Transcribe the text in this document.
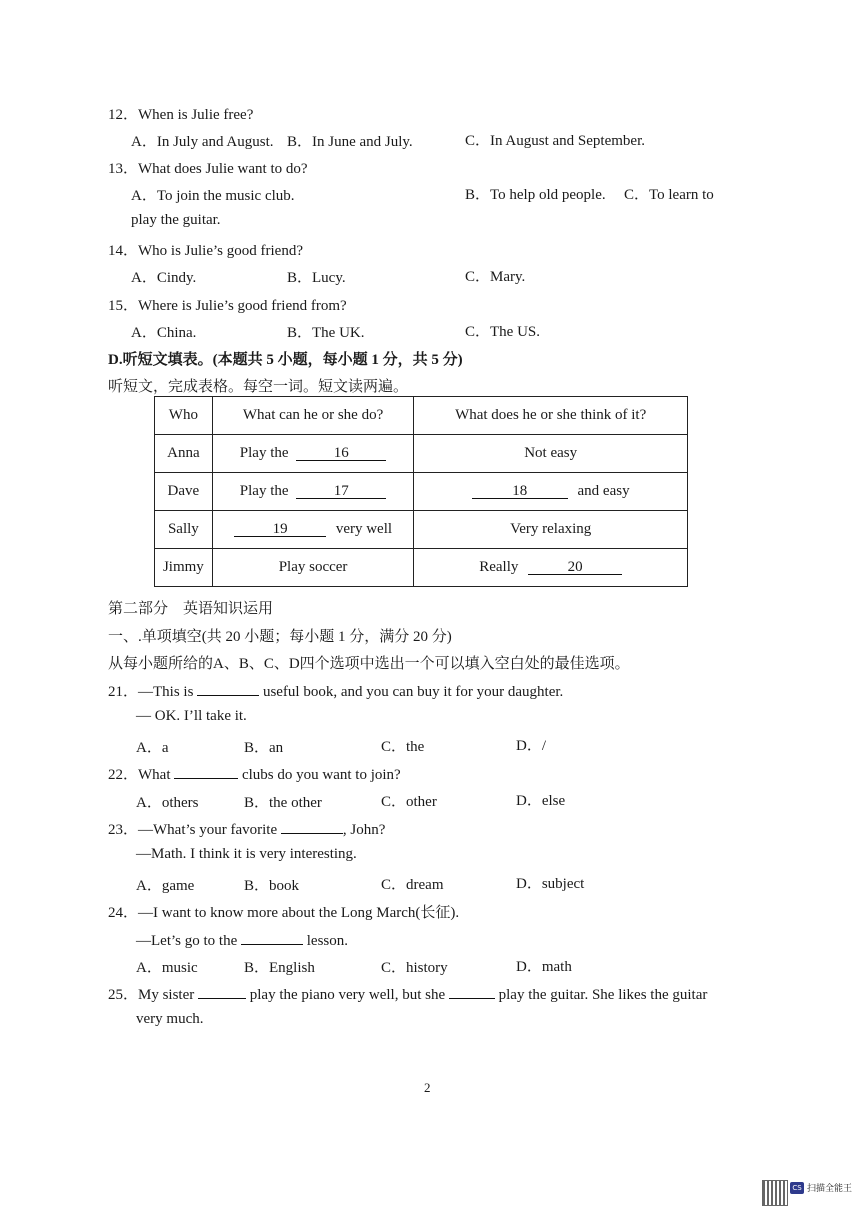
12．When is Julie free?
A．In July and August. B．In June and July.	C．In August and September.
13．What does Julie want to do?
A．To join the music club.	B．To help old people. C．To learn to
play the guitar.
14．Who is Julie’s good friend?
A．Cindy.	B．Lucy.	C．Mary.
15．Where is Julie’s good friend from?
A．China.	B．The UK.	C．The US.
D.听短文填表。(本题共 5 小题，每小题 1 分，共 5 分)
听短文，完成表格。每空一词。短文读两遍。
Who	What can he or she do?	What does he or she think of it?
Anna	Play the 16	Not easy
Dave	Play the 17	18 and easy
Sally	19 very well	Very relaxing
Jimmy	Play soccer	Really 20
第二部分　英语知识运用
一、.单项填空(共 20 小题；每小题 1 分，满分 20 分)
从每小题所给的A、B、C、D四个选项中选出一个可以填入空白处的最佳选项。
21．—This is	useful book, and you can buy it for your daughter.
— OK. I’ll take it.
A．a	B．an	C．the	D．/
22．What	clubs do you want to join?
A．others	B．the other	C．other	D．else
23．—What’s your favorite	, John?
—Math. I think it is very interesting.
A．game	B．book	C．dream	D．subject
24．—I want to know more about the Long March(长征).
—Let’s go to the	lesson.
A．music	B．English	C．history	D．math
25．My sister	play the piano very well, but she	play the guitar. She likes the guitar
very much.
2
CS 扫描全能王
